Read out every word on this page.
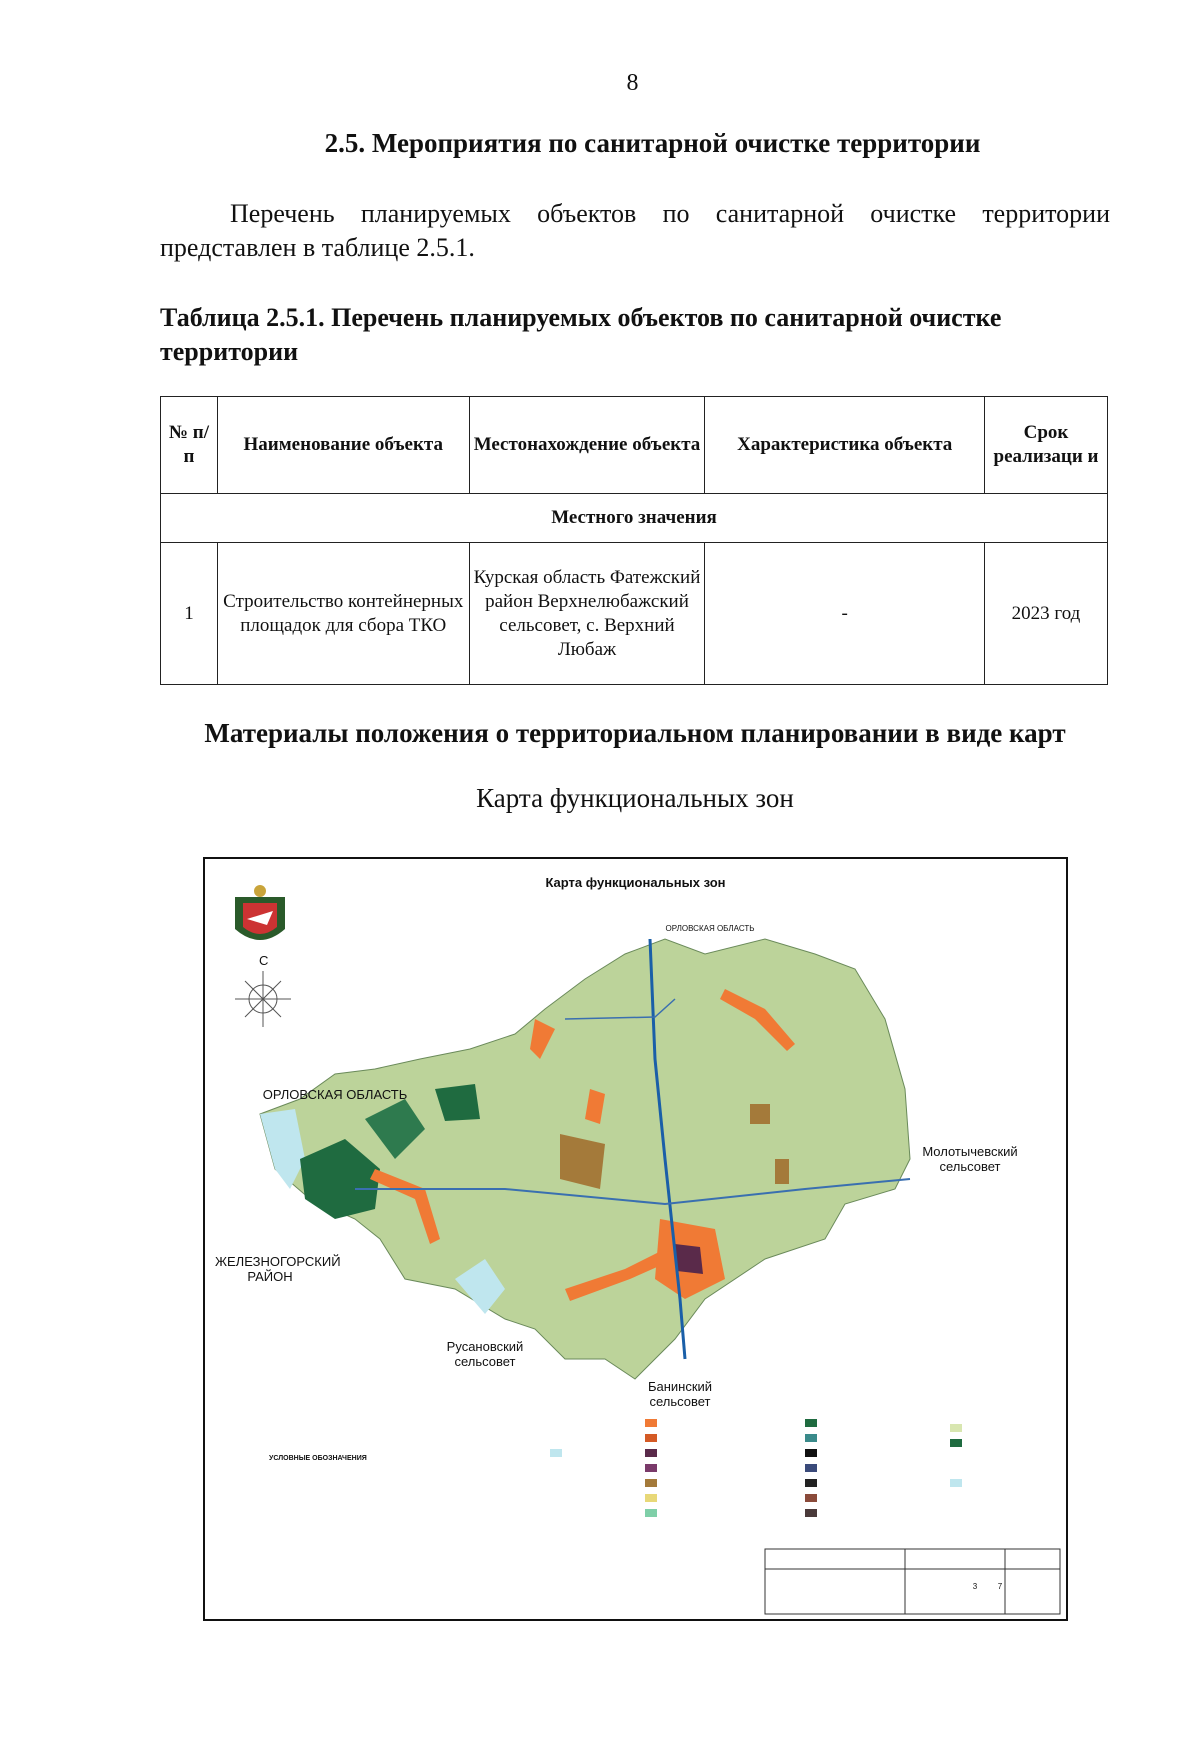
8
2.5. Мероприятия по санитарной очистке территории
Перечень планируемых объектов по санитарной очистке территории представлен в таблице 2.5.1.
Таблица 2.5.1. Перечень планируемых объектов по санитарной очистке территории
№ п/п	Наименование объекта	Местонахождение объекта	Характеристика объекта	Срок реализаци и
Местного значения				
1	Строительство контейнерных площадок для сбора ТКО	Курская область Фатежский район Верхнелюбажский сельсовет, с. Верхний Любаж	-	2023 год
Материалы положения о территориальном планировании в виде карт
Карта функциональных зон
Карта функциональных зон
С
ОРЛОВСКАЯ ОБЛАСТЬ
ОРЛОВСКАЯ ОБЛАСТЬ
ЖЕЛЕЗНОГОРСКИЙ РАЙОН
Молотычевский сельсовет
Русановский сельсовет
Банинский сельсовет
УСЛОВНЫЕ ОБОЗНАЧЕНИЯ
3	7
